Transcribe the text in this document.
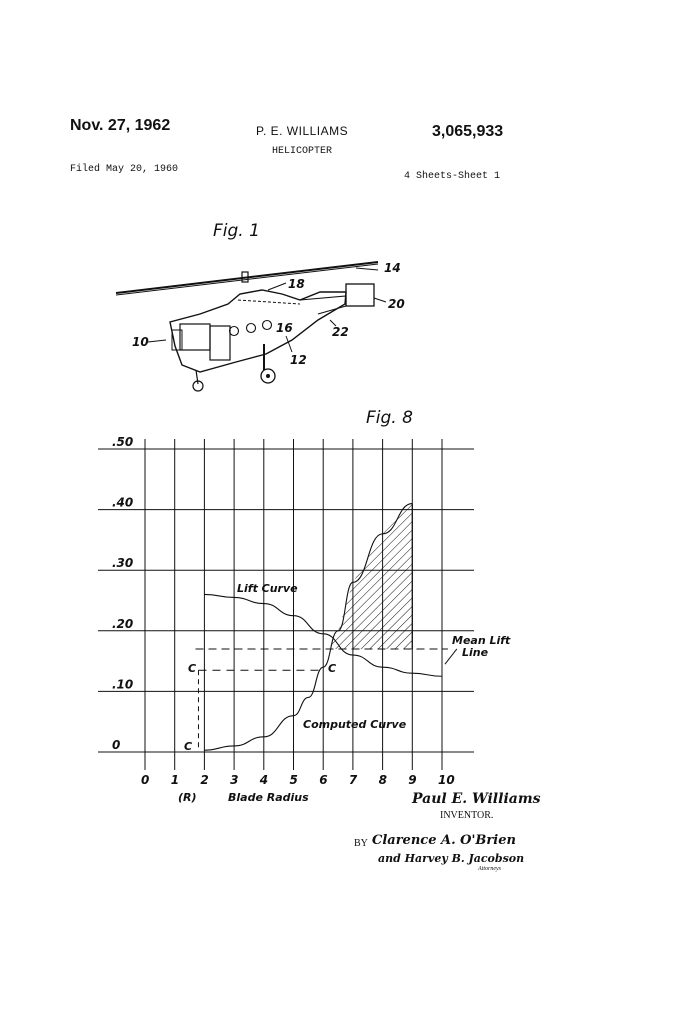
Nov. 27, 1962	P. E. WILLIAMS	3,065,933
HELICOPTER
Filed May 20, 1960
4 Sheets-Sheet 1
Fig. 1
14
18
20
16	22
10
12
Fig. 8
0 1 2 3 4 5 6 7 8 9 10
0
.10
.20
.30
.40
.50
Lift Curve
Computed Curve
Mean Lift
Line
C	C
C
(R)	Blade Radius	Paul E. Williams
INVENTOR.
BY Clarence A. O'Brien
and Harvey B. Jacobson
Attorneys
